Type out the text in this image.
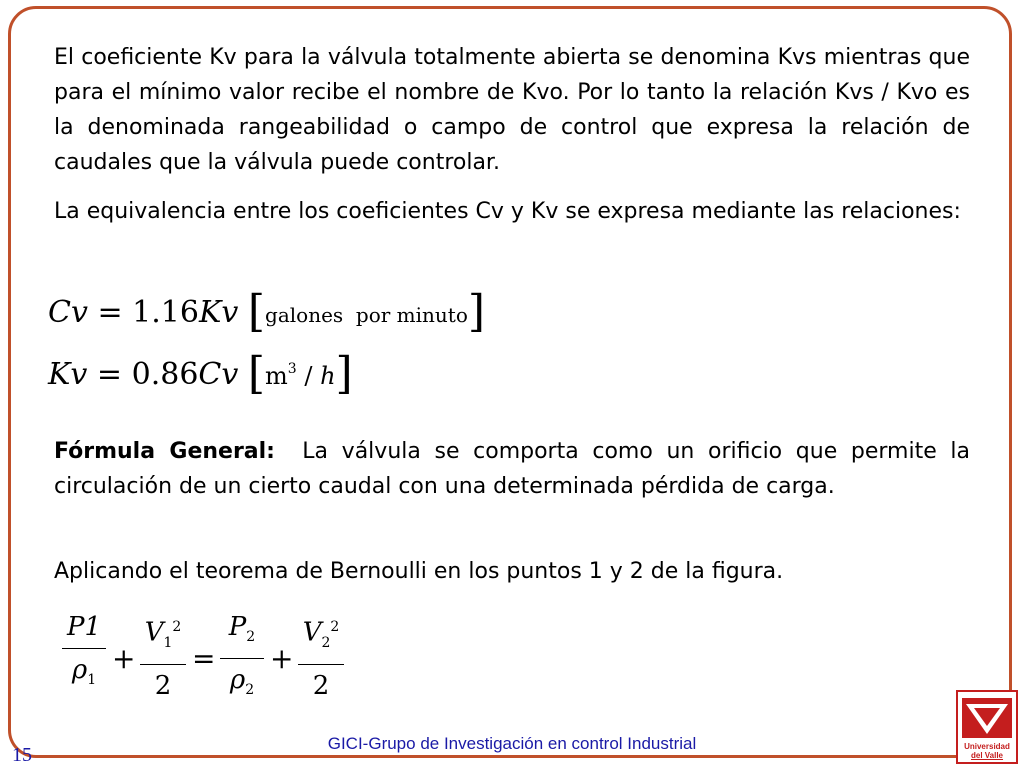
El coeficiente Kv para la válvula totalmente abierta se denomina Kvs mientras que para el mínimo valor recibe el nombre de Kvo. Por lo tanto la relación Kvs / Kvo es la denominada rangeabilidad o campo de control que expresa la relación de caudales que la válvula puede controlar.

La equivalencia entre los coeficientes Cv y Kv se expresa mediante las relaciones:

Cv = 1.16Kv [galones  por minuto]
Kv = 0.86Cv $[m^3 / h]$

Fórmula General: La válvula se comporta como un orificio que permite la circulación de un cierto caudal con una determinada pérdida de carga.

Aplicando el teorema de Bernoulli en los puntos 1 y 2 de la figura.

P1
$\rho_1$
+
$V_1^2$
2
=
$P_2$
$\rho_2$
+
$V_2^2$
2
GICI-Grupo de Investigación en control Industrial
15	Universidad
del Valle
